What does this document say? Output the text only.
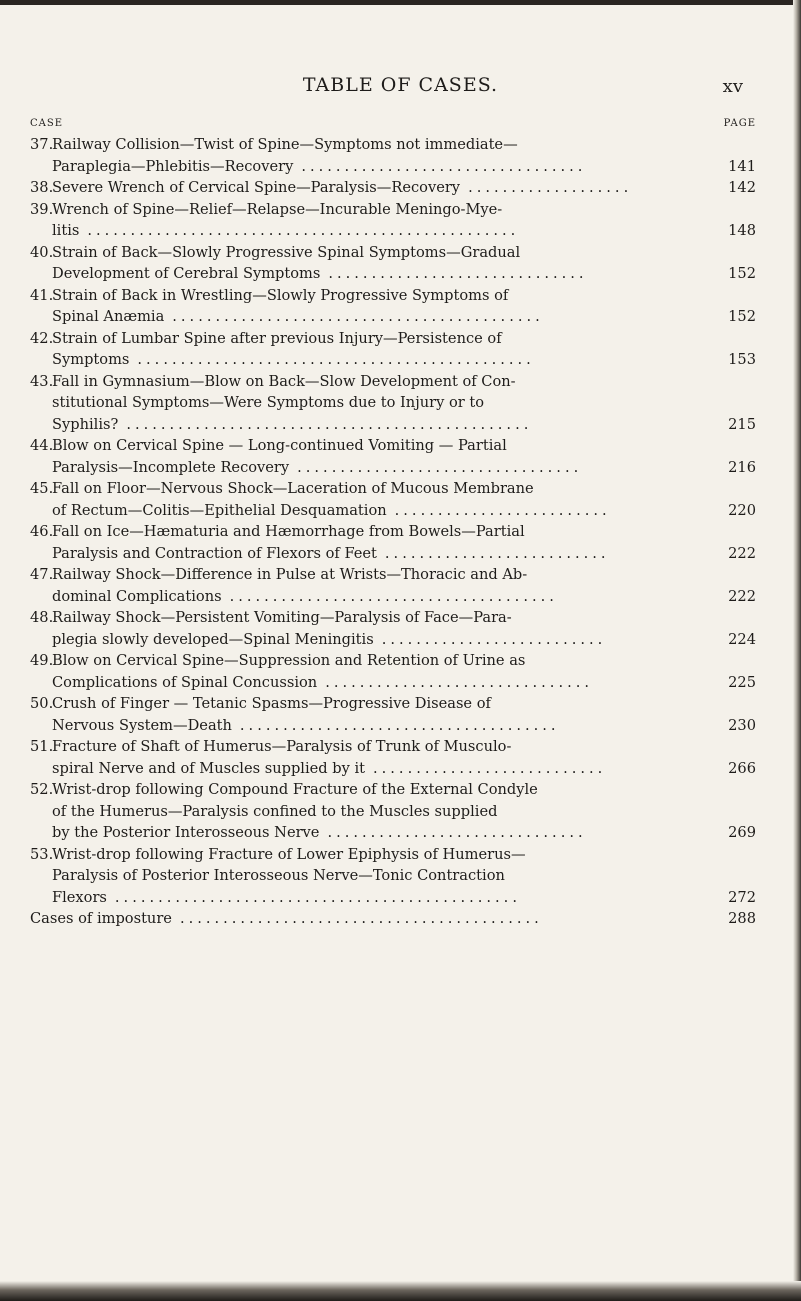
TABLE OF CASES.	xv
CASE	PAGE
37.Railway Collision—Twist of Spine—Symptoms not immediate—
Paraplegia—Phlebitis—Recovery .................................	141
38.Severe Wrench of Cervical Spine—Paralysis—Recovery ...................	142
39.Wrench of Spine—Relief—Relapse—Incurable Meningo-Mye-
litis ..................................................	148
40.Strain of Back—Slowly Progressive Spinal Symptoms—Gradual
Development of Cerebral Symptoms ..............................	152
41.Strain of Back in Wrestling—Slowly Progressive Symptoms of
Spinal Anæmia ...........................................	152
42.Strain of Lumbar Spine after previous Injury—Persistence of
Symptoms ..............................................	153
43.Fall in Gymnasium—Blow on Back—Slow Development of Con-
stitutional Symptoms—Were Symptoms due to Injury or to
Syphilis? ...............................................	215
44.Blow on Cervical Spine — Long-continued Vomiting — Partial
Paralysis—Incomplete Recovery .................................	216
45.Fall on Floor—Nervous Shock—Laceration of Mucous Membrane
of Rectum—Colitis—Epithelial Desquamation .........................	220
46.Fall on Ice—Hæmaturia and Hæmorrhage from Bowels—Partial
Paralysis and Contraction of Flexors of Feet ..........................	222
47.Railway Shock—Difference in Pulse at Wrists—Thoracic and Ab-
dominal Complications ......................................	222
48.Railway Shock—Persistent Vomiting—Paralysis of Face—Para-
plegia slowly developed—Spinal Meningitis ..........................	224
49.Blow on Cervical Spine—Suppression and Retention of Urine as
Complications of Spinal Concussion ...............................	225
50.Crush of Finger — Tetanic Spasms—Progressive Disease of
Nervous System—Death .....................................	230
51.Fracture of Shaft of Humerus—Paralysis of Trunk of Musculo-
spiral Nerve and of Muscles supplied by it ...........................	266
52.Wrist-drop following Compound Fracture of the External Condyle
of the Humerus—Paralysis confined to the Muscles supplied
by the Posterior Interosseous Nerve ..............................	269
53.Wrist-drop following Fracture of Lower Epiphysis of Humerus—
Paralysis of Posterior Interosseous Nerve—Tonic Contraction
Flexors ...............................................	272
Cases of imposture ..........................................	288
